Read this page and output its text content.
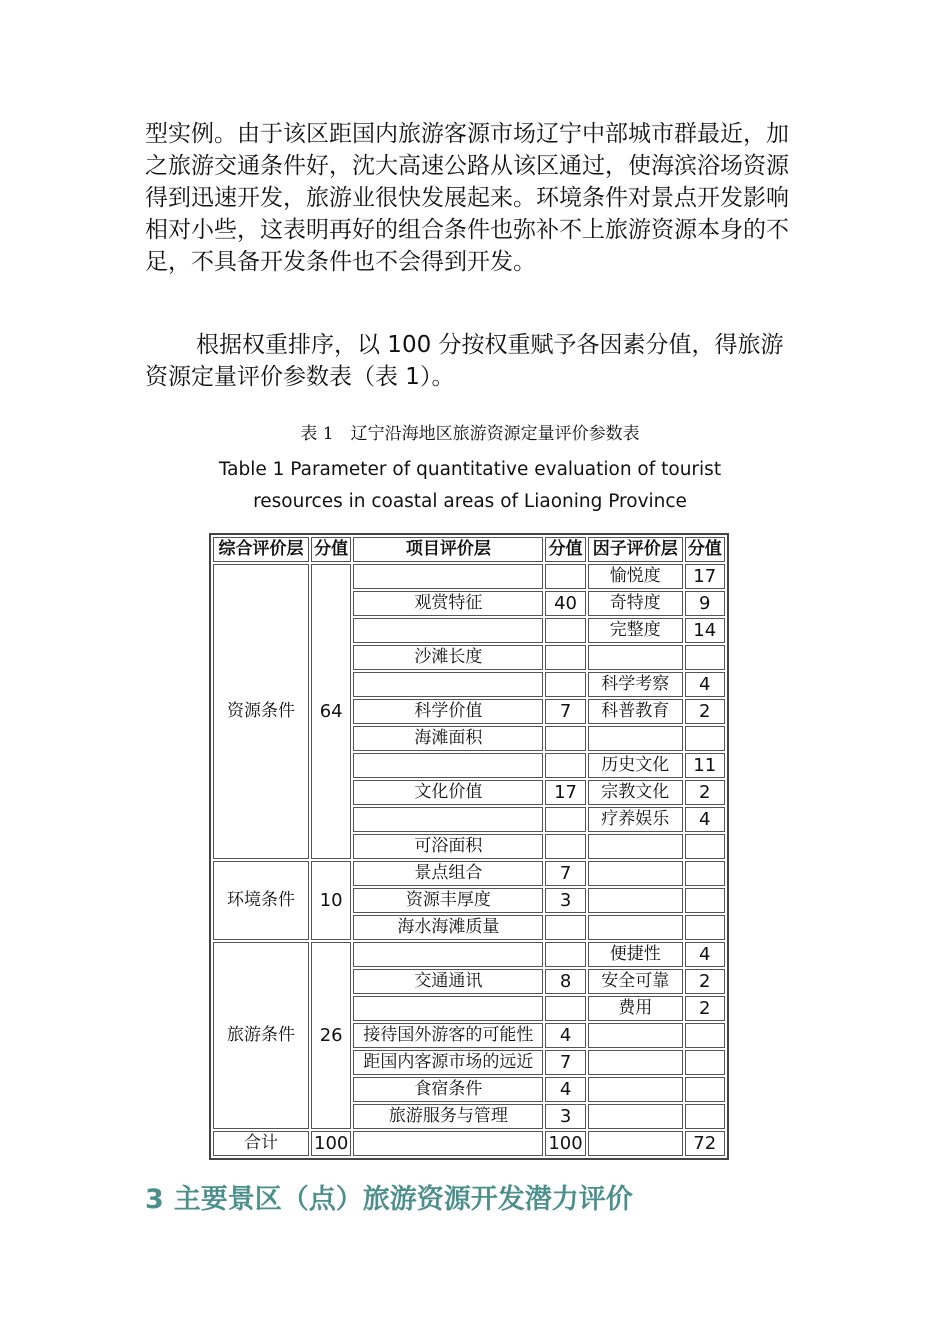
型实例。由于该区距国内旅游客源市场辽宁中部城市群最近，加之旅游交通条件好，沈大高速公路从该区通过，使海滨浴场资源得到迅速开发，旅游业很快发展起来。环境条件对景点开发影响相对小些，这表明再好的组合条件也弥补不上旅游资源本身的不足，不具备开发条件也不会得到开发。

根据权重排序，以 100 分按权重赋予各因素分值，得旅游资源定量评价参数表（表 1）。

表 1　辽宁沿海地区旅游资源定量评价参数表
Table 1 Parameter of quantitative evaluation of tourist resources in coastal areas of Liaoning Province
综合评价层	分值	项目评价层	分值	因子评价层	分值
资源条件	64			愉悦度	17
		观赏特征	40	奇特度	9
				完整度	14
		沙滩长度			
				科学考察	4
		科学价值	7	科普教育	2
		海滩面积			
				历史文化	11
		文化价值	17	宗教文化	2
				疗养娱乐	4
		可浴面积			
环境条件	10	景点组合	7		
		资源丰厚度	3		
		海水海滩质量			
旅游条件	26			便捷性	4
		交通通讯	8	安全可靠	2
				费用	2
		接待国外游客的可能性	4		
		距国内客源市场的远近	7		
		食宿条件	4		
		旅游服务与管理	3		
合计	100		100		72
3 主要景区（点）旅游资源开发潜力评价
